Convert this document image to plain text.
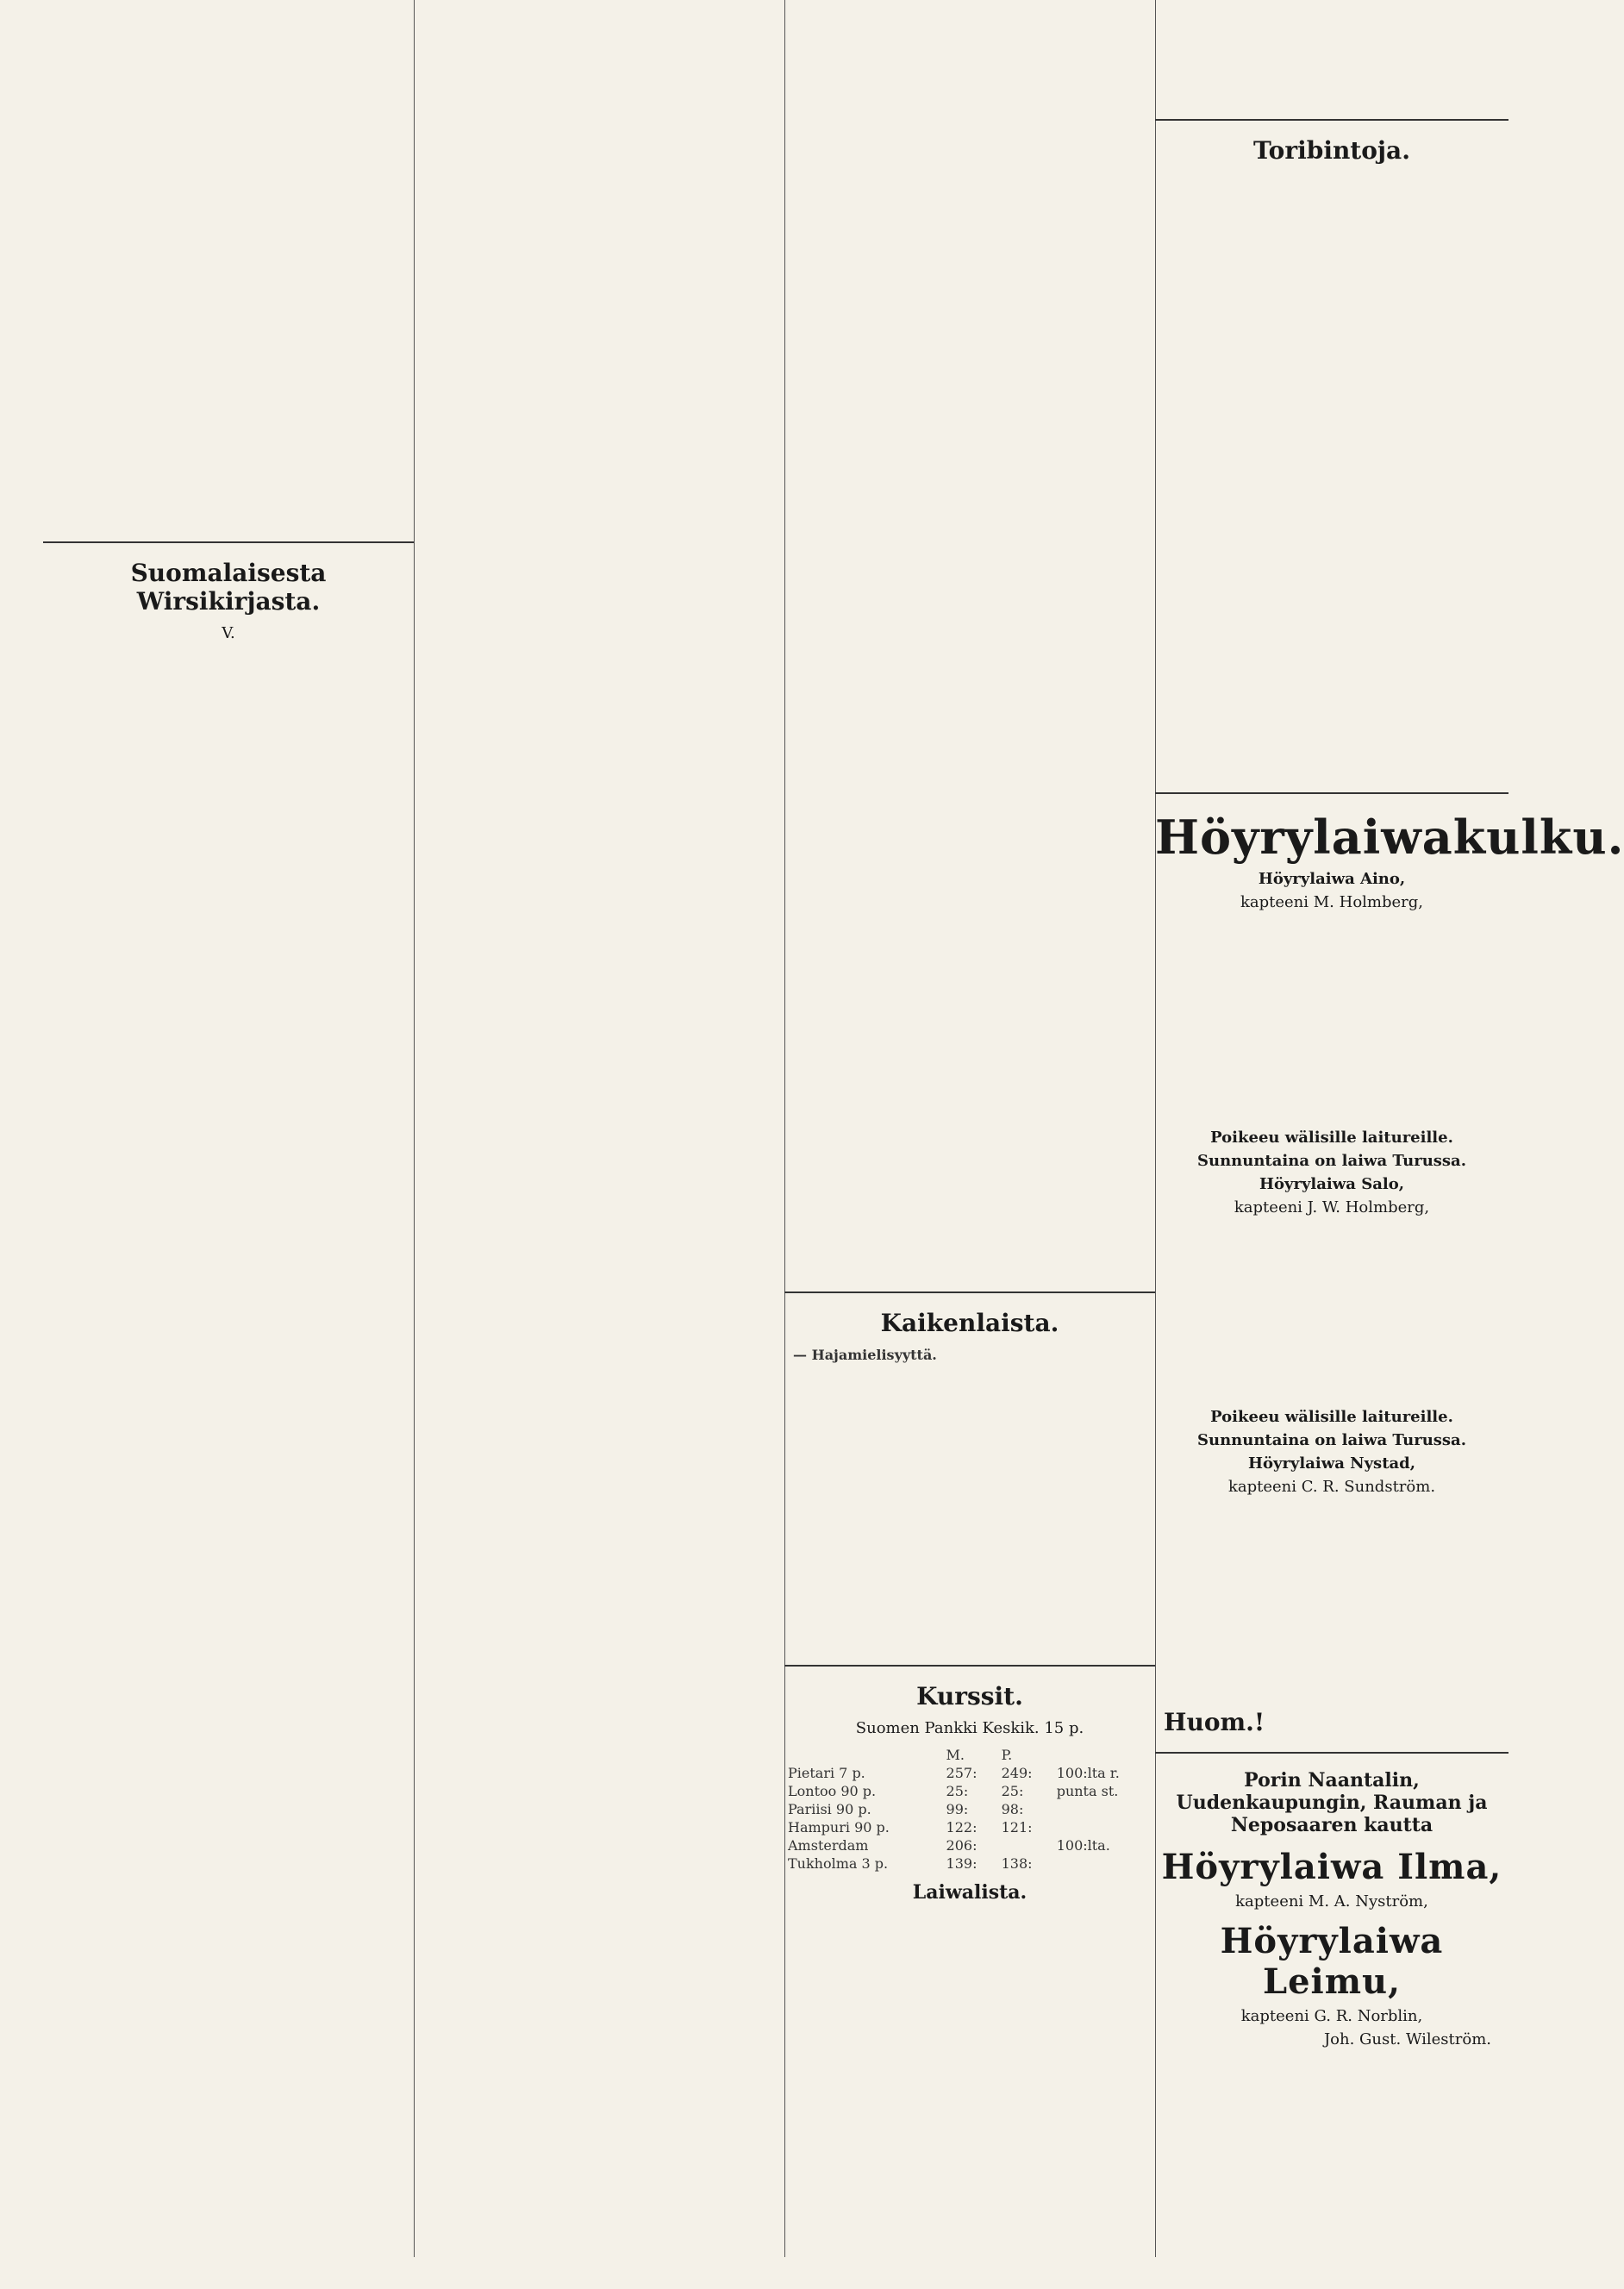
Suomalaisesta Wirsikirjasta.
V.
Kaikenlaista.
— Hajamielisyyttä.
Kurssit.
Suomen Pankki Keskik. 15 p.
	M.	P.	
Pietari 7 p.	257:	249:	100:lta r.
Lontoo 90 p.	25:	25:	punta st.
Pariisi 90 p.	99:	98:	
Hampuri 90 p.	122:	121:	
Amsterdam	206:		100:lta.
Tukholma 3 p.	139:	138:	
Laiwalista.
Toribintoja.
Höyrylaiwakulku.
Höyrylaiwa Aino,
kapteeni M. Holmberg,
Poikeeu wälisille laitureille.
Sunnuntaina on laiwa Turussa.
Höyrylaiwa Salo,
kapteeni J. W. Holmberg,
Poikeeu wälisille laitureille.
Sunnuntaina on laiwa Turussa.
Höyrylaiwa Nystad,
kapteeni C. R. Sundström.
Huom.!
Porin Naantalin, Uudenkaupungin, Rauman ja Neposaaren kautta
Höyrylaiwa Ilma,
kapteeni M. A. Nyström,
Höyrylaiwa Leimu,
kapteeni G. R. Norblin,
Joh. Gust. Wileström.
